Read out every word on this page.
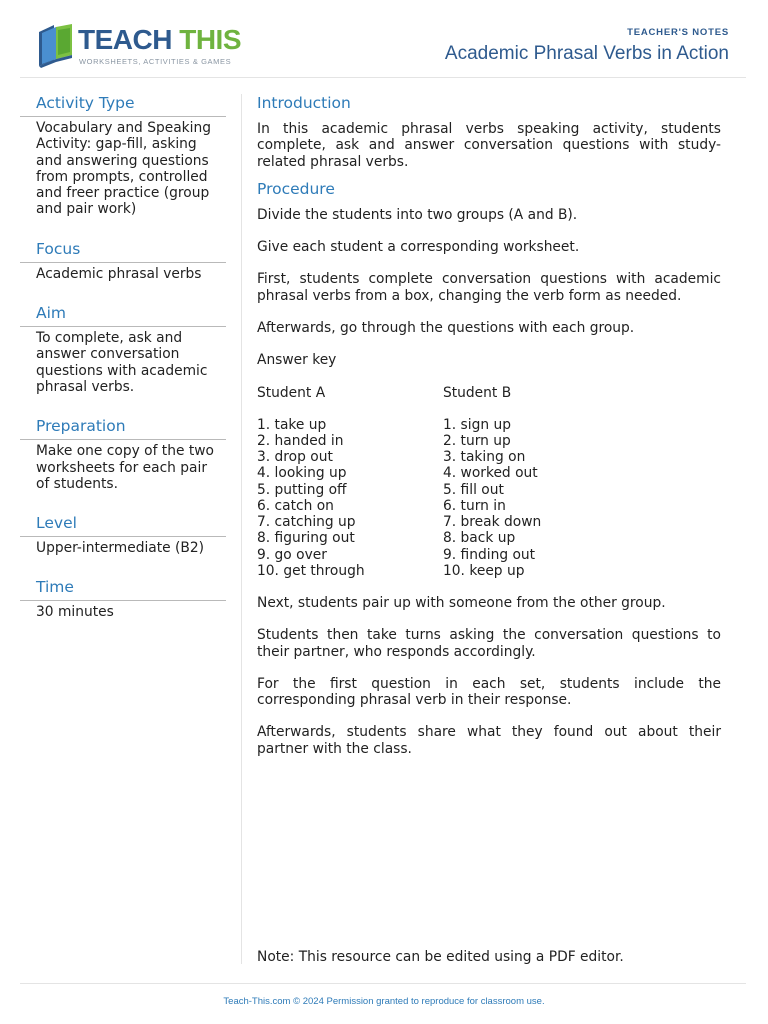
TEACH THIS
WORKSHEETS, ACTIVITIES & GAMES
TEACHER'S NOTES
Academic Phrasal Verbs in Action
Activity Type
Vocabulary and Speaking Activity: gap-fill, asking and answering questions from prompts, controlled and freer practice (group and pair work)
Focus
Academic phrasal verbs
Aim
To complete, ask and answer conversation questions with academic phrasal verbs.
Preparation
Make one copy of the two worksheets for each pair of students.
Level
Upper-intermediate (B2)
Time
30 minutes
Introduction

In this academic phrasal verbs speaking activity, students complete, ask and answer conversation questions with study-related phrasal verbs.

Procedure

Divide the students into two groups (A and B).

Give each student a corresponding worksheet.

First, students complete conversation questions with academic phrasal verbs from a box, changing the verb form as needed.

Afterwards, go through the questions with each group.

Answer key

Student A
1. take up
2. handed in
3. drop out
4. looking up
5. putting off
6. catch on
7. catching up
8. figuring out
9. go over
10. get through
Student B
1. sign up
2. turn up
3. taking on
4. worked out
5. fill out
6. turn in
7. break down
8. back up
9. finding out
10. keep up

Next, students pair up with someone from the other group.

Students then take turns asking the conversation questions to their partner, who responds accordingly.

For the first question in each set, students include the corresponding phrasal verb in their response.

Afterwards, students share what they found out about their partner with the class.

Note: This resource can be edited using a PDF editor.
Teach-This.com © 2024 Permission granted to reproduce for classroom use.
